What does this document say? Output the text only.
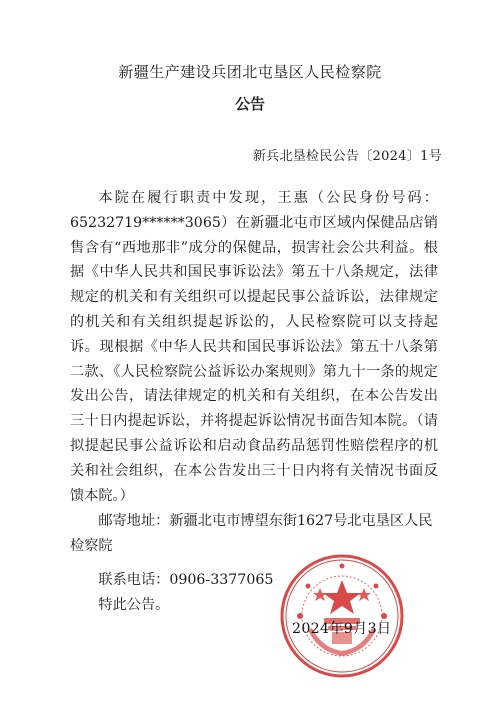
新疆生产建设兵团北屯垦区人民检察院
公告
新兵北垦检民公告〔2024〕1号
本院在履行职责中发现，王惠（公民身份号码：65232719******3065）在新疆北屯市区域内保健品店销售含有“西地那非”成分的保健品，损害社会公共利益。根据《中华人民共和国民事诉讼法》第五十八条规定，法律规定的机关和有关组织可以提起民事公益诉讼，法律规定的机关和有关组织提起诉讼的，人民检察院可以支持起诉。现根据《中华人民共和国民事诉讼法》第五十八条第二款、《人民检察院公益诉讼办案规则》第九十一条的规定发出公告，请法律规定的机关和有关组织，在本公告发出三十日内提起诉讼，并将提起诉讼情况书面告知本院。（请拟提起民事公益诉讼和启动食品药品惩罚性赔偿程序的机关和社会组织，在本公告发出三十日内将有关情况书面反馈本院。）
邮寄地址：新疆北屯市博望东街1627号北屯垦区人民检察院
联系电话：0906-3377065
特此公告。
2024年9月3日
